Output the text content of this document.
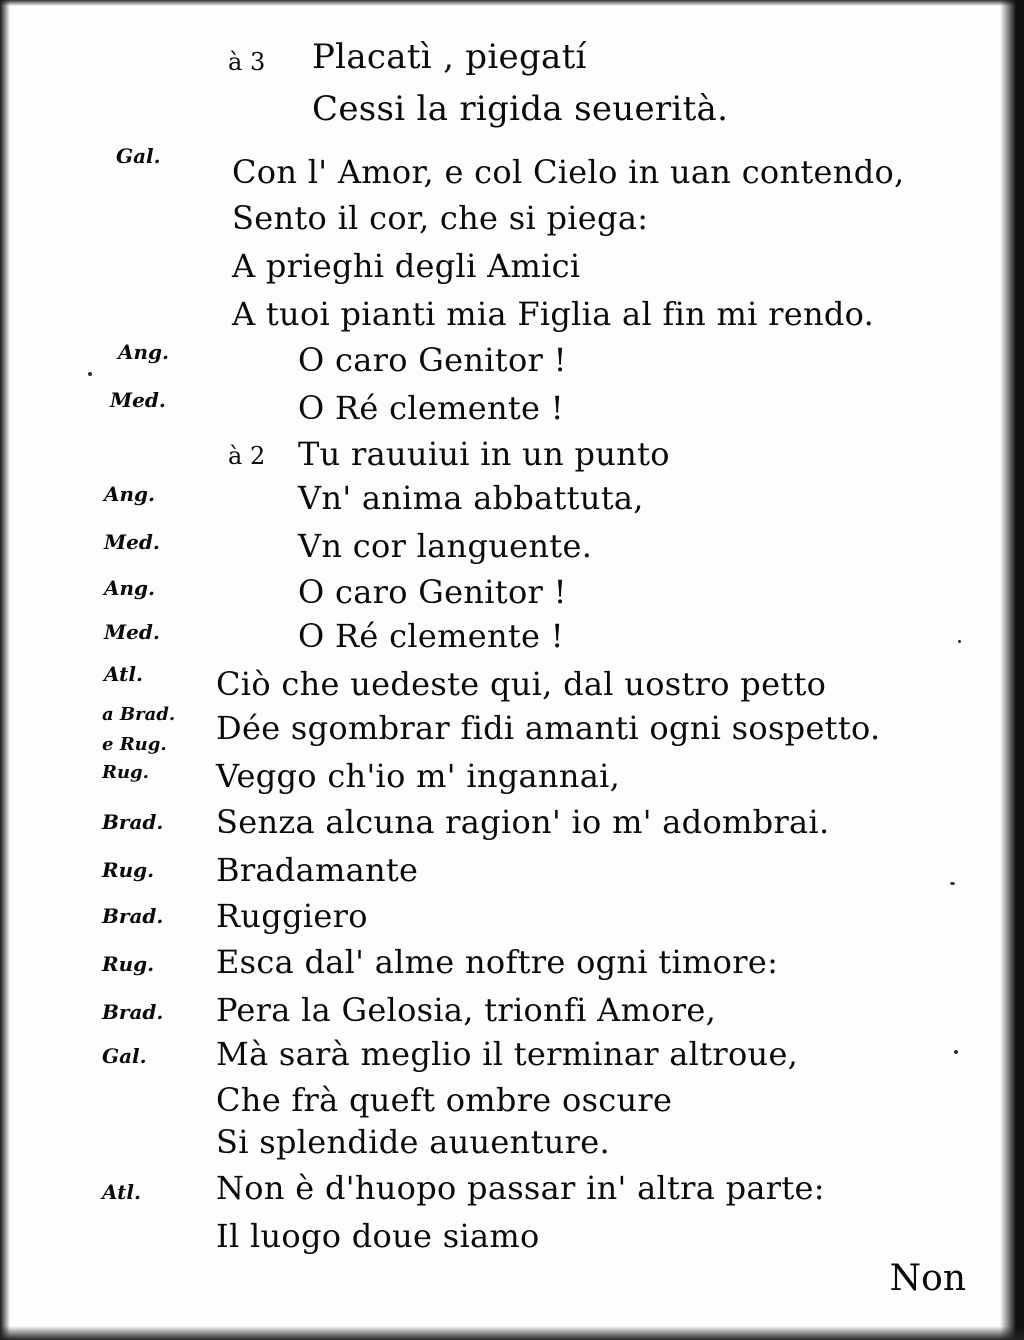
à 3 Placatì , piegatí
Cessi la rigida seuerità.
Gal. Con l' Amor, e col Cielo in uan contendo,
Sento il cor, che si piega:
A prieghi degli Amici
A tuoi pianti mia Figlia al fin mi rendo.
Ang.	O caro Genitor !
Med.	O Ré clemente !
à 2 Tu rauuiui in un punto
Ang.	Vn' anima abbattuta,
Med.	Vn cor languente.
Ang.	O caro Genitor !
Med.	O Ré clemente !
Atl. Ciò che uedeste qui, dal uostro petto
a Brad. Dée sgombrar fidi amanti ogni sospetto.
e Rug.
Rug. Veggo ch'io m' ingannai,
Brad. Senza alcuna ragion' io m' adombrai.
Rug. Bradamante
Brad. Ruggiero
Rug. Esca dal' alme noftre ogni timore:
Brad. Pera la Gelosia, trionfi Amore,
Gal. Mà sarà meglio il terminar altroue,
Che frà queft ombre oscure
Si splendide auuenture.
Atl. Non è d'huopo passar in' altra parte:
Il luogo doue siamo
Non
